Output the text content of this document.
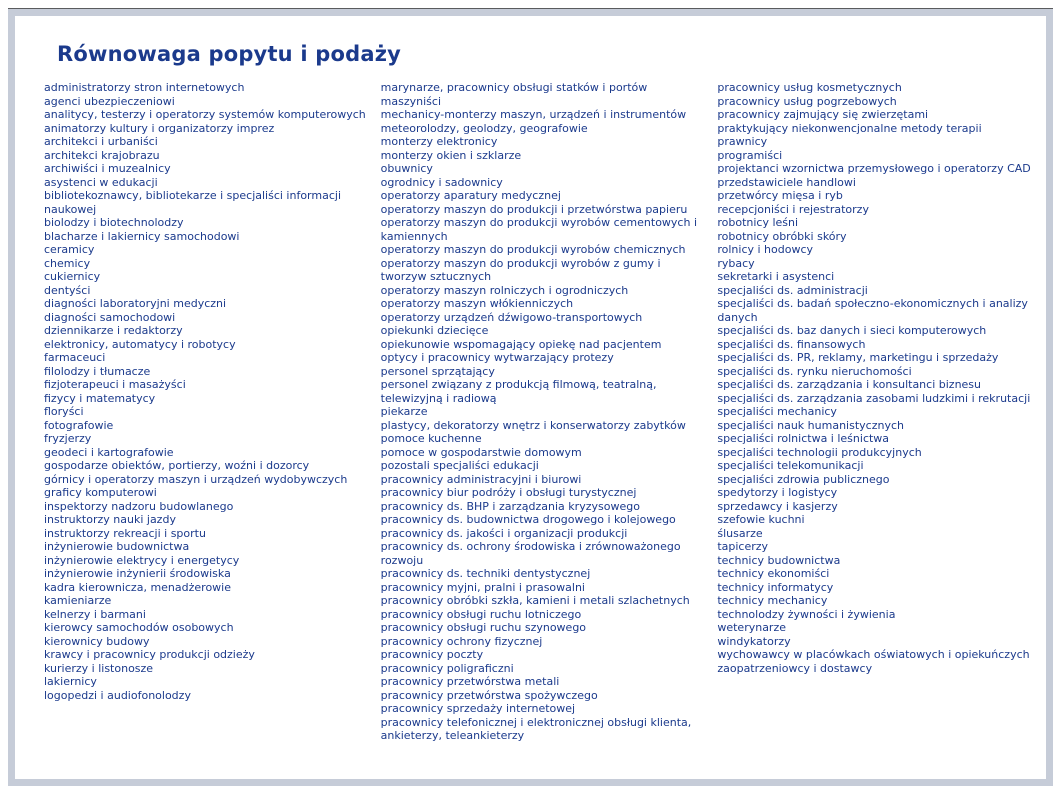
Równowaga popytu i podaży
administratorzy stron internetowych
agenci ubezpieczeniowi
analitycy, testerzy i operatorzy systemów komputerowych
animatorzy kultury i organizatorzy imprez
architekci i urbaniści
architekci krajobrazu
archiwiści i muzealnicy
asystenci w edukacji
bibliotekoznawcy, bibliotekarze i specjaliści informacji naukowej
biolodzy i biotechnolodzy
blacharze i lakiernicy samochodowi
ceramicy
chemicy
cukiernicy
dentyści
diagności laboratoryjni medyczni
diagności samochodowi
dziennikarze i redaktorzy
elektronicy, automatycy i robotycy
farmaceuci
filolodzy i tłumacze
fizjoterapeuci i masażyści
fizycy i matematycy
floryści
fotografowie
fryzjerzy
geodeci i kartografowie
gospodarze obiektów, portierzy, woźni i dozorcy
górnicy i operatorzy maszyn i urządzeń wydobywczych
graficy komputerowi
inspektorzy nadzoru budowlanego
instruktorzy nauki jazdy
instruktorzy rekreacji i sportu
inżynierowie budownictwa
inżynierowie elektrycy i energetycy
inżynierowie inżynierii środowiska
kadra kierownicza, menadżerowie
kamieniarze
kelnerzy i barmani
kierowcy samochodów osobowych
kierownicy budowy
krawcy i pracownicy produkcji odzieży
kurierzy i listonosze
lakiernicy
logopedzi i audiofonolodzy
marynarze, pracownicy obsługi statków i portów
maszyniści
mechanicy-monterzy maszyn, urządzeń i instrumentów
meteorolodzy, geolodzy, geografowie
monterzy elektronicy
monterzy okien i szklarze
obuwnicy
ogrodnicy i sadownicy
operatorzy aparatury medycznej
operatorzy maszyn do produkcji i przetwórstwa papieru
operatorzy maszyn do produkcji wyrobów cementowych i kamiennych
operatorzy maszyn do produkcji wyrobów chemicznych
operatorzy maszyn do produkcji wyrobów z gumy i tworzyw sztucznych
operatorzy maszyn rolniczych i ogrodniczych
operatorzy maszyn włókienniczych
operatorzy urządzeń dźwigowo-transportowych
opiekunki dziecięce
opiekunowie wspomagający opiekę nad pacjentem
optycy i pracownicy wytwarzający protezy
personel sprzątający
personel związany z produkcją filmową, teatralną, telewizyjną i radiową
piekarze
plastycy, dekoratorzy wnętrz i konserwatorzy zabytków
pomoce kuchenne
pomoce w gospodarstwie domowym
pozostali specjaliści edukacji
pracownicy administracyjni i biurowi
pracownicy biur podróży i obsługi turystycznej
pracownicy ds. BHP i zarządzania kryzysowego
pracownicy ds. budownictwa drogowego i kolejowego
pracownicy ds. jakości i organizacji produkcji
pracownicy ds. ochrony środowiska i zrównoważonego rozwoju
pracownicy ds. techniki dentystycznej
pracownicy myjni, pralni i prasowalni
pracownicy obróbki szkła, kamieni i metali szlachetnych
pracownicy obsługi ruchu lotniczego
pracownicy obsługi ruchu szynowego
pracownicy ochrony fizycznej
pracownicy poczty
pracownicy poligraficzni
pracownicy przetwórstwa metali
pracownicy przetwórstwa spożywczego
pracownicy sprzedaży internetowej
pracownicy telefonicznej i elektronicznej obsługi klienta, ankieterzy, teleankieterzy
pracownicy usług kosmetycznych
pracownicy usług pogrzebowych
pracownicy zajmujący się zwierzętami
praktykujący niekonwencjonalne metody terapii
prawnicy
programiści
projektanci wzornictwa przemysłowego i operatorzy CAD
przedstawiciele handlowi
przetwórcy mięsa i ryb
recepcjoniści i rejestratorzy
robotnicy leśni
robotnicy obróbki skóry
rolnicy i hodowcy
rybacy
sekretarki i asystenci
specjaliści ds. administracji
specjaliści ds. badań społeczno-ekonomicznych i analizy danych
specjaliści ds. baz danych i sieci komputerowych
specjaliści ds. finansowych
specjaliści ds. PR, reklamy, marketingu i sprzedaży
specjaliści ds. rynku nieruchomości
specjaliści ds. zarządzania i konsultanci biznesu
specjaliści ds. zarządzania zasobami ludzkimi i rekrutacji
specjaliści mechanicy
specjaliści nauk humanistycznych
specjaliści rolnictwa i leśnictwa
specjaliści technologii produkcyjnych
specjaliści telekomunikacji
specjaliści zdrowia publicznego
spedytorzy i logistycy
sprzedawcy i kasjerzy
szefowie kuchni
ślusarze
tapicerzy
technicy budownictwa
technicy ekonomiści
technicy informatycy
technicy mechanicy
technolodzy żywności i żywienia
weterynarze
windykatorzy
wychowawcy w placówkach oświatowych i opiekuńczych
zaopatrzeniowcy i dostawcy
